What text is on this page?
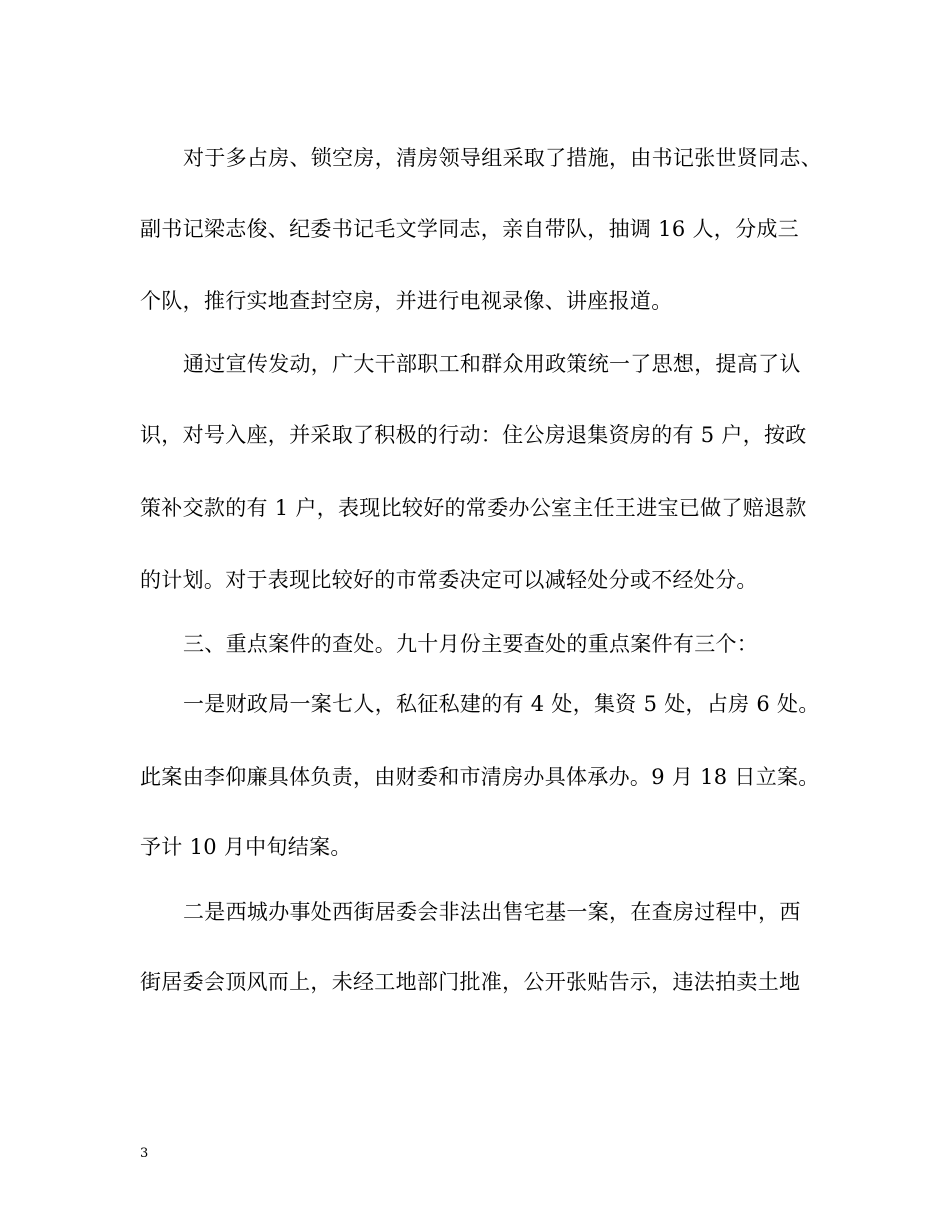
对于多占房、锁空房，清房领导组采取了措施，由书记张世贤同志、
副书记梁志俊、纪委书记毛文学同志，亲自带队，抽调 16 人，分成三
个队，推行实地查封空房，并进行电视录像、讲座报道。
通过宣传发动，广大干部职工和群众用政策统一了思想，提高了认
识，对号入座，并采取了积极的行动：住公房退集资房的有 5 户，按政
策补交款的有 1 户，表现比较好的常委办公室主任王进宝已做了赔退款
的计划。对于表现比较好的市常委决定可以减轻处分或不经处分。
三、重点案件的查处。九十月份主要查处的重点案件有三个：
一是财政局一案七人，私征私建的有 4 处，集资 5 处，占房 6 处。
此案由李仰廉具体负责，由财委和市清房办具体承办。9 月 18 日立案。
予计 10 月中旬结案。
二是西城办事处西街居委会非法出售宅基一案，在查房过程中，西
街居委会顶风而上，未经工地部门批准，公开张贴告示，违法拍卖土地
3
